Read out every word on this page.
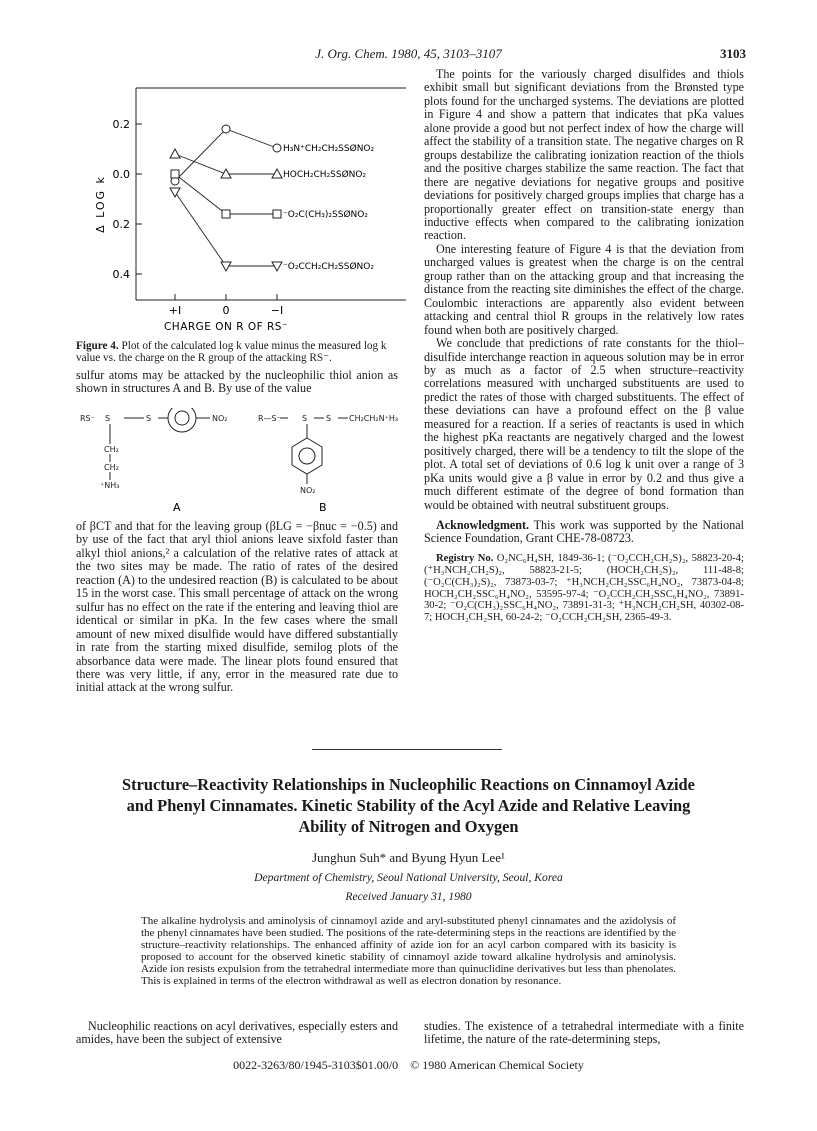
J. Org. Chem. 1980, 45, 3103–3107	3103
0.2
0.0
0.2
0.4
Δ LOG k
+I	0	−I
CHARGE ON R OF RS⁻
H₃N⁺CH₂CH₂SSØNO₂
HOCH₂CH₂SSØNO₂
⁻O₂C(CH₃)₂SSØNO₂
⁻O₂CCH₂CH₂SSØNO₂
Figure 4. Plot of the calculated log k value minus the measured log k value vs. the charge on the R group of the attacking RS⁻.
sulfur atoms may be attacked by the nucleophilic thiol anion as shown in structures A and B. By use of the value
RS⁻ S	S	NO₂
CH₂
CH₂
⁺NH₃
R—S⁻	S S CH₂CH₂N⁺H₃
NO₂
A	B
of βCT and that for the leaving group (βLG = −βnuc = −0.5) and by use of the fact that aryl thiol anions leave sixfold faster than alkyl thiol anions,² a calculation of the relative rates of attack at the two sites may be made. The ratio of rates of the desired reaction (A) to the undesired reaction (B) is calculated to be about 15 in the worst case. This small percentage of attack on the wrong sulfur has no effect on the rate if the entering and leaving thiol are identical or similar in pKa. In the few cases where the small amount of new mixed disulfide would have differed substantially in rate from the starting mixed disulfide, semilog plots of the absorbance data were made. The linear plots found ensured that there was very little, if any, error in the measured rate due to initial attack at the wrong sulfur.

The points for the variously charged disulfides and thiols exhibit small but significant deviations from the Brønsted type plots found for the uncharged systems. The deviations are plotted in Figure 4 and show a pattern that indicates that pKa values alone provide a good but not perfect index of how the charge will affect the stability of a transition state. The negative charges on R groups destabilize the calibrating ionization reaction of the thiols and the positive charges stabilize the same reaction. The fact that there are negative deviations for negative groups and positive deviations for positively charged groups implies that charge has a proportionally greater effect on transition-state energy than inductive effects when compared to the calibrating ionization reaction.

One interesting feature of Figure 4 is that the deviation from uncharged values is greatest when the charge is on the central group rather than on the attacking group and that increasing the distance from the reacting site diminishes the effect of the charge. Coulombic interactions are apparently also evident between attacking and central thiol R groups in the relatively low rates found when both are positively charged.

We conclude that predictions of rate constants for the thiol–disulfide interchange reaction in aqueous solution may be in error by as much as a factor of 2.5 when structure–reactivity correlations measured with uncharged substituents are used to predict the rates of those with charged substituents. The effect of these deviations can have a profound effect on the β value measured for a reaction. If a series of reactants is used in which the highest pKa reactants are negatively charged and the lowest positively charged, there will be a tendency to tilt the slope of the plot. A total set of deviations of 0.6 log k unit over a range of 3 pKa units would give a β value in error by 0.2 and thus give a much different estimate of the degree of bond formation than would be obtained with neutral substituent groups.

Acknowledgment. This work was supported by the National Science Foundation, Grant CHE-78-08723.

Registry No. O₂NC₆H₄SH, 1849-36-1; (⁻O₂CCH₂CH₂S)₂, 58823-20-4; (⁺H₃NCH₂CH₂S)₂, 58823-21-5; (HOCH₂CH₂S)₂, 111-48-8; (⁻O₂C(CH₃)₂S)₂, 73873-03-7; ⁺H₃NCH₂CH₂SSC₆H₄NO₂, 73873-04-8; HOCH₂CH₂SSC₆H₄NO₂, 53595-97-4; ⁻O₂CCH₂CH₂SSC₆H₄NO₂, 73891-30-2; ⁻O₂C(CH₃)₂SSC₆H₄NO₂, 73891-31-3; ⁺H₃NCH₂CH₂SH, 40302-08-7; HOCH₂CH₂SH, 60-24-2; ⁻O₂CCH₂CH₂SH, 2365-49-3.

Structure–Reactivity Relationships in Nucleophilic Reactions on Cinnamoyl Azide and Phenyl Cinnamates. Kinetic Stability of the Acyl Azide and Relative Leaving Ability of Nitrogen and Oxygen
Junghun Suh* and Byung Hyun Lee¹
Department of Chemistry, Seoul National University, Seoul, Korea
Received January 31, 1980
The alkaline hydrolysis and aminolysis of cinnamoyl azide and aryl-substituted phenyl cinnamates and the azidolysis of the phenyl cinnamates have been studied. The positions of the rate-determining steps in the reactions are identified by the structure–reactivity relationships. The enhanced affinity of azide ion for an acyl carbon compared with its basicity is proposed to account for the observed kinetic stability of cinnamoyl azide toward alkaline hydrolysis and aminolysis. Azide ion resists expulsion from the tetrahedral intermediate more than quinuclidine derivatives but less than phenolates. This is explained in terms of the electron withdrawal as well as electron donation by resonance.
Nucleophilic reactions on acyl derivatives, especially esters and amides, have been the subject of extensive
studies. The existence of a tetrahedral intermediate with a finite lifetime, the nature of the rate-determining steps,
0022-3263/80/1945-3103$01.00/0 © 1980 American Chemical Society
